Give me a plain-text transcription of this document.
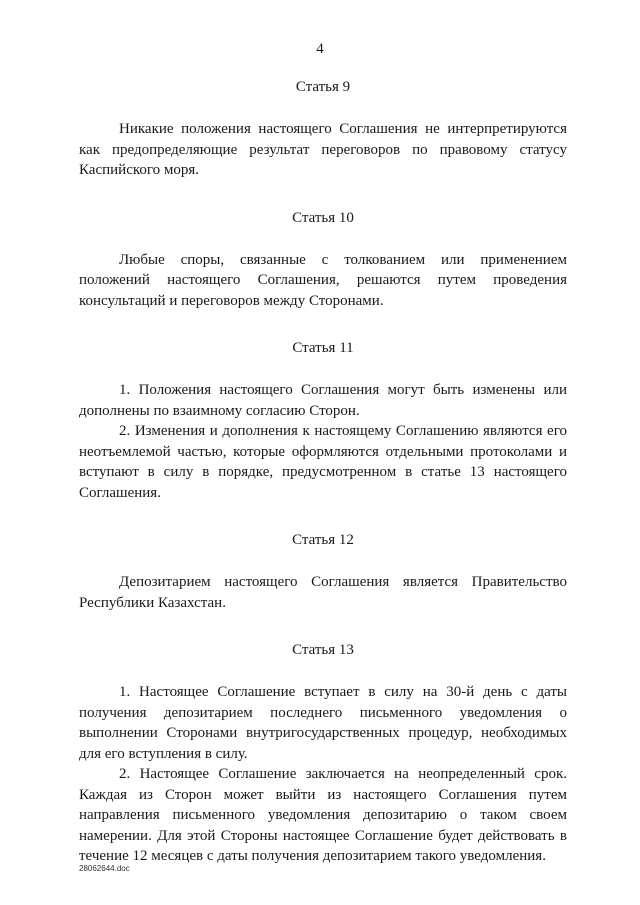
4
Статья 9

Никакие положения настоящего Соглашения не интерпретируются как предопределяющие результат переговоров по правовому статусу Каспийского моря.

Статья 10

Любые споры, связанные с толкованием или применением положений настоящего Соглашения, решаются путем проведения консультаций и переговоров между Сторонами.

Статья 11

1. Положения настоящего Соглашения могут быть изменены или дополнены по взаимному согласию Сторон.

2. Изменения и дополнения к настоящему Соглашению являются его неотъемлемой частью, которые оформляются отдельными протоколами и вступают в силу в порядке, предусмотренном в статье 13 настоящего Соглашения.

Статья 12

Депозитарием настоящего Соглашения является Правительство Республики Казахстан.

Статья 13

1. Настоящее Соглашение вступает в силу на 30-й день с даты получения депозитарием последнего письменного уведомления о выполнении Сторонами внутригосударственных процедур, необходимых для его вступления в силу.

2. Настоящее Соглашение заключается на неопределенный срок. Каждая из Сторон может выйти из настоящего Соглашения путем направления письменного уведомления депозитарию о таком своем намерении. Для этой Стороны настоящее Соглашение будет действовать в течение 12 месяцев с даты получения депозитарием такого уведомления.

28062644.doc
